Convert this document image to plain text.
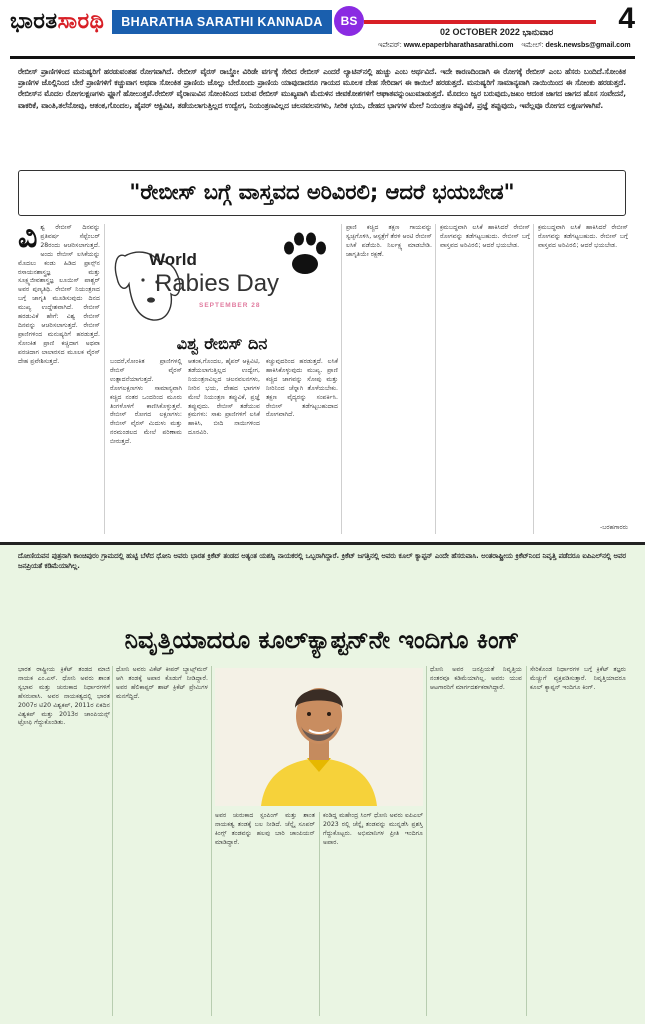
ಭಾರತಸಾರಥಿ	BHARATHA SARATHI KANNADA DAILY
BS
02 OCTOBER 2022 ಭಾನುವಾರ 4
ಇಪೇಪರ್: www.epaperbharathasarathi.com ಇಮೇಲ್: desk.newsbs@gmail.com
ರೇಬೀಸ್ ಪ್ರಾಣಿಗಳಿಂದ ಮನುಷ್ಯರಿಗೆ ಹರಡುವಂತಹ ರೋಗವಾಗಿದೆ. ರೇಬೀಸ್ ವೈರಸ್ ರಾಬ್ಡೋ ವಿರಿಡೇ ವರ್ಗಕ್ಕೆ ಸೇರಿದ ರೇಬೀಸ್ ಎಂದರೆ ಲ್ಯಾಟಿನ್‌ನಲ್ಲಿ ಹುಚ್ಚು ಎಂಬ ಅರ್ಥವಿದೆ. ಇದೇ ಕಾರಣದಿಂದಾಗಿ ಈ ರೋಗಕ್ಕೆ ರೇಬೀಸ್ ಎಂಬ ಹೆಸರು ಬಂದಿದೆ.ಸೋಂಕಿತ ಪ್ರಾಣಿಗಳ ಜೊಲ್ಲಿನಿಂದ ಬೇರೆ ಪ್ರಾಣಿಗಳಿಗೆ ಕಚ್ಚುವಾಗ ಅಥವಾ ಸೋಂಕಿತ ಪ್ರಾಣಿಯ ಜೊಲ್ಲು ಬೇರೊಂದು ಪ್ರಾಣಿಯ ಯಾವುದಾದರೂ ಗಾಯದ ಮೂಲಕ ದೇಹ ಸೇರಿದಾಗ ಈ ಕಾಯಿಲೆ ಹರಡುತ್ತದೆ. ಮನುಷ್ಯರಿಗೆ ಸಾಮಾನ್ಯವಾಗಿ ನಾಯಿಯಿಂದ ಈ ಸೋಂಕು ಹರಡುತ್ತದೆ. ರೇಬೀಸ್‌ನ ಮೊದಲ ರೋಗಲಕ್ಷಣಗಳು ಫ್ಲೂಗೆ ಹೋಲುತ್ತವೆ.ರೇಬೀಸ್ ವೈರಾಣುವಿನ ಸೋಂಕಿನಿಂದ ಬರುವ ರೇಬೀಸ್ ಮುಖ್ಯವಾಗಿ ಮೆದುಳಿನ ಜೀವಕೋಶಗಳಿಗೆ ಆಘಾತವನ್ನುಂಟುಮಾಡುತ್ತದೆ. ಮೊದಲು ಜ್ವರ ಬರುವುದು,ಜಖಂ ಆದಂತ ಜಾಗದ ಜಾಗದ ಹೊಸ ಸಂವೇದನೆ, ವಾಕರಿಕೆ, ವಾಂತಿ,ತಲೆನೋವು, ಆತಂಕ,ಗೊಂದಲ, ಹೈಪರ್ ಆಕ್ಟಿವಿಟಿ, ತಡೆಯಲಾಗುತ್ತಿಲ್ಲದ ಉದ್ವೇಗ, ನಿಯಂತ್ರಣವಿಲ್ಲದ ಚಲನವಲನಗಳು, ಸೀರಿಕ ಭಯ, ದೇಹದ ಭಾಗಗಳ ಮೇಲೆ ನಿಯಂತ್ರಣ ತಪ್ಪುವಿಕೆ, ಪ್ರಜ್ಞೆ ತಪ್ಪುವುದು, ಇವೆಲ್ಲವೂ ರೋಗದ ಲಕ್ಷಣಗಳಾಗಿವೆ.
"ರೇಬೀಸ್ ಬಗ್ಗೆ ವಾಸ್ತವದ ಅರಿವಿರಲಿ; ಆದರೆ ಭಯಬೇಡ"
ವಿಶ್ವ ರೇಬೀಸ್ ದಿನವನ್ನು ಪ್ರತಿವರ್ಷ ಸೆಪ್ಟೆಂಬರ್ 28ರಂದು ಆಚರಿಸಲಾಗುತ್ತದೆ. ಅಂದು ರೇಬೀಸ್ ಲಸಿಕೆಯನ್ನು ಮೊದಲು ಕಂಡು ಹಿಡಿದ ಫ್ರಾನ್ಸ್‌ನ ರಸಾಯನಶಾಸ್ತ್ರಜ್ಞ ಮತ್ತು ಸೂಕ್ಷ್ಮಜೀವಶಾಸ್ತ್ರಜ್ಞ ಲೂಯಿಸ್ ಪಾಶ್ಚರ್ ಅವರ ಪುಣ್ಯತಿಥಿ. ರೇಬೀಸ್ ನಿಯಂತ್ರಣದ ಬಗ್ಗೆ ಜಾಗೃತಿ ಮೂಡಿಸುವುದು ದಿನದ ಮುಖ್ಯ ಉದ್ದೇಶವಾಗಿದೆ. ರೇಬೀಸ್ ಹರಡುವಿಕೆ ಹೇಗೆ: ವಿಶ್ವ ರೇಬೀಸ್ ದಿನವನ್ನು ಆಚರಿಸಲಾಗುತ್ತದೆ. ರೇಬೀಸ್ ಪ್ರಾಣಿಗಳಿಂದ ಮನುಷ್ಯರಿಗೆ ಹರಡುತ್ತದೆ. ಸೋಂಕಿತ ಪ್ರಾಣಿ ಕಚ್ಚಿದಾಗ ಅಥವಾ ಪರಚಿದಾಗ ಲಾಲಾರಸದ ಮೂಲಕ ವೈರಸ್ ದೇಹ ಪ್ರವೇಶಿಸುತ್ತದೆ.
World
Rabies Day
SEPTEMBER 28
ವಿಶ್ವ ರೇಬಿಸ್ ದಿನ
ಬಂದರೆ,ಸೋಂಕಿತ ಪ್ರಾಣಿಗಳಲ್ಲಿ ರೇಬಿಸ್ ವೈರಸ್ ಉತ್ಪಾದನೆಯಾಗುತ್ತದೆ. ರೋಗಲಕ್ಷಣಗಳು ಸಾಮಾನ್ಯವಾಗಿ ಕಚ್ಚಿದ ನಂತರ ಒಂದರಿಂದ ಮೂರು ತಿಂಗಳೊಳಗೆ ಕಾಣಿಸಿಕೊಳ್ಳುತ್ತವೆ. ರೇಬೀಸ್ ರೋಗದ ಲಕ್ಷಣಗಳು: ರೇಬೀಸ್ ವೈರಸ್ ಮಿದುಳು ಮತ್ತು ನರಮಂಡಲದ ಮೇಲೆ ಪರಿಣಾಮ ಬೀರುತ್ತದೆ.
ಆತಂಕ,ಗೊಂದಲ, ಹೈಪರ್ ಆಕ್ಟಿವಿಟಿ, ತಡೆಯಲಾಗುತ್ತಿಲ್ಲದ ಉದ್ವೇಗ, ನಿಯಂತ್ರಣವಿಲ್ಲದ ಚಲನವಲನಗಳು, ನೀರಿನ ಭಯ, ದೇಹದ ಭಾಗಗಳ ಮೇಲೆ ನಿಯಂತ್ರಣ ತಪ್ಪುವಿಕೆ, ಪ್ರಜ್ಞೆ ತಪ್ಪುವುದು. ರೇಬೀಸ್ ತಡೆಯುವ ಕ್ರಮಗಳು: ಸಾಕು ಪ್ರಾಣಿಗಳಿಗೆ ಲಸಿಕೆ ಹಾಕಿಸಿ, ಬೀದಿ ನಾಯಿಗಳಿಂದ ದೂರವಿರಿ.
ಕಚ್ಚುವುದರಿಂದ ಹರಡುತ್ತದೆ. ಲಸಿಕೆ ಹಾಕಿಸಿಕೊಳ್ಳುವುದು ಮುಖ್ಯ. ಪ್ರಾಣಿ ಕಚ್ಚಿದ ಜಾಗವನ್ನು ಸೋಪು ಮತ್ತು ನೀರಿನಿಂದ ಚೆನ್ನಾಗಿ ತೊಳೆಯಬೇಕು. ತಕ್ಷಣ ವೈದ್ಯರನ್ನು ಸಂಪರ್ಕಿಸಿ. ರೇಬೀಸ್ ತಡೆಗಟ್ಟಬಹುದಾದ ರೋಗವಾಗಿದೆ.
ಪ್ರಾಣಿ ಕಚ್ಚಿದ ತಕ್ಷಣ ಗಾಯವನ್ನು ಸ್ವಚ್ಛಗೊಳಿಸಿ, ಆಸ್ಪತ್ರೆಗೆ ತೆರಳಿ ಆಂಟಿ ರೇಬೀಸ್ ಲಸಿಕೆ ಪಡೆಯಿರಿ. ನಿರ್ಲಕ್ಷ್ಯ ಮಾಡಬೇಡಿ. ಜಾಗೃತಿಯೇ ರಕ್ಷಣೆ.
ಕ್ರಮಬದ್ಧವಾಗಿ ಲಸಿಕೆ ಹಾಕಿಸಿದರೆ ರೇಬೀಸ್ ರೋಗವನ್ನು ತಡೆಗಟ್ಟಬಹುದು. ರೇಬೀಸ್ ಬಗ್ಗೆ ವಾಸ್ತವದ ಅರಿವಿರಲಿ; ಆದರೆ ಭಯಬೇಡ.
ಕ್ರಮಬದ್ಧವಾಗಿ ಲಸಿಕೆ ಹಾಕಿಸಿದರೆ ರೇಬೀಸ್ ರೋಗವನ್ನು ತಡೆಗಟ್ಟಬಹುದು. ರೇಬೀಸ್ ಬಗ್ಗೆ ವಾಸ್ತವದ ಅರಿವಿರಲಿ; ಆದರೆ ಭಯಬೇಡ.
-ಬರಹಗಾರರು
ದೋಣಿಯವನ ಪುತ್ರನಾಗಿ ಕಾಂಚಿಪುರಂ ಗ್ರಾಮದಲ್ಲಿ ಹುಟ್ಟಿ ಬೆಳೆದ ಧೋನಿ ಅವರು ಭಾರತ ಕ್ರಿಕೆಟ್ ತಂಡದ ಅತ್ಯಂತ ಯಶಸ್ವಿ ನಾಯಕರಲ್ಲಿ ಒಬ್ಬರಾಗಿದ್ದಾರೆ. ಕ್ರಿಕೆಟ್ ಜಗತ್ತಿನಲ್ಲಿ ಅವರು ಕೂಲ್ ಕ್ಯಾಪ್ಟನ್ ಎಂದೇ ಹೆಸರುವಾಸಿ. ಅಂತರಾಷ್ಟ್ರೀಯ ಕ್ರಿಕೆಟ್‌ನಿಂದ ನಿವೃತ್ತಿ ಪಡೆದರೂ ಐಪಿಎಲ್‌ನಲ್ಲಿ ಅವರ ಜನಪ್ರಿಯತೆ ಕಡಿಮೆಯಾಗಿಲ್ಲ.
ನಿವೃತ್ತಿಯಾದರೂ ಕೂಲ್‌ಕ್ಯಾಪ್ಟನ್‌ನೇ ಇಂದಿಗೂ ಕಿಂಗ್
ಭಾರತ ರಾಷ್ಟ್ರೀಯ ಕ್ರಿಕೆಟ್ ತಂಡದ ಮಾಜಿ ನಾಯಕ ಎಂ.ಎಸ್. ಧೋನಿ ಅವರು ಶಾಂತ ಸ್ವಭಾವ ಮತ್ತು ಚುರುಕಾದ ನಿರ್ಧಾರಗಳಿಗೆ ಹೆಸರುವಾಸಿ. ಅವರ ನಾಯಕತ್ವದಲ್ಲಿ ಭಾರತ 2007ರ ಟಿ20 ವಿಶ್ವಕಪ್, 2011ರ ಏಕದಿನ ವಿಶ್ವಕಪ್ ಮತ್ತು 2013ರ ಚಾಂಪಿಯನ್ಸ್ ಟ್ರೋಫಿ ಗೆದ್ದುಕೊಂಡಿತು.
ಧೋನಿ ಅವರು ವಿಕೆಟ್ ಕೀಪರ್ ಬ್ಯಾಟ್ಸ್‌ಮನ್ ಆಗಿ ತಂಡಕ್ಕೆ ಅಪಾರ ಕೊಡುಗೆ ನೀಡಿದ್ದಾರೆ. ಅವರ ಹೆಲಿಕಾಪ್ಟರ್ ಶಾಟ್ ಕ್ರಿಕೆಟ್ ಪ್ರೇಮಿಗಳ ಮನಗೆದ್ದಿದೆ.
ಅವರ ಚುರುಕಾದ ಸ್ಟಂಪಿಂಗ್ ಮತ್ತು ಶಾಂತ ನಾಯಕತ್ವ ತಂಡಕ್ಕೆ ಬಲ ನೀಡಿದೆ. ಚೆನ್ನೈ ಸೂಪರ್ ಕಿಂಗ್ಸ್ ತಂಡವನ್ನು ಹಲವು ಬಾರಿ ಚಾಂಪಿಯನ್ ಮಾಡಿದ್ದಾರೆ.
ಕಂಡಿದ್ದ ಮಹೇಂದ್ರ ಸಿಂಗ್ ಧೋನಿ ಅವರು ಐಪಿಎಲ್ 2023 ರಲ್ಲಿ ಚೆನ್ನೈ ತಂಡವನ್ನು ಮುನ್ನಡೆಸಿ ಪ್ರಶಸ್ತಿ ಗೆದ್ದುಕೊಟ್ಟರು. ಅಭಿಮಾನಿಗಳ ಪ್ರೀತಿ ಇಂದಿಗೂ ಅಪಾರ.
ಧೋನಿ ಅವರ ಜನಪ್ರಿಯತೆ ನಿವೃತ್ತಿಯ ನಂತರವೂ ಕಡಿಮೆಯಾಗಿಲ್ಲ. ಅವರು ಯುವ ಆಟಗಾರರಿಗೆ ಮಾರ್ಗದರ್ಶಕರಾಗಿದ್ದಾರೆ.
ಸೇರಿಕೊಂಡ ನಿರ್ಧಾರಗಳ ಬಗ್ಗೆ ಕ್ರಿಕೆಟ್ ತಜ್ಞರು ಮೆಚ್ಚುಗೆ ವ್ಯಕ್ತಪಡಿಸುತ್ತಾರೆ. ನಿವೃತ್ತಿಯಾದರೂ ಕೂಲ್ ಕ್ಯಾಪ್ಟನ್ ಇಂದಿಗೂ ಕಿಂಗ್.
